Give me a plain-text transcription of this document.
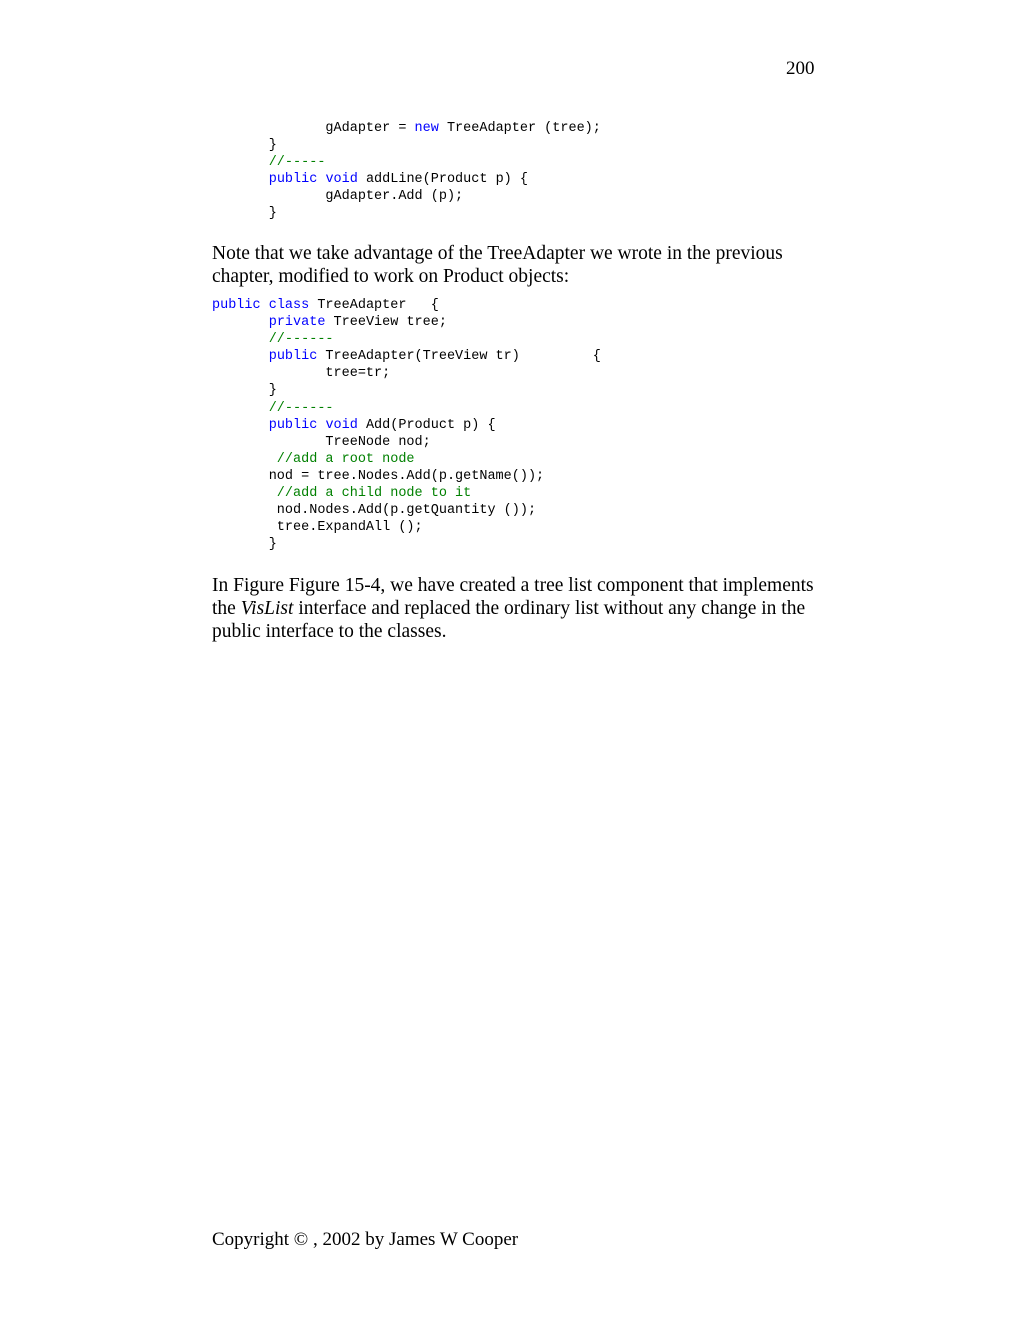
200
gAdapter = new TreeAdapter (tree);
}
//-----
public void addLine(Product p) {
gAdapter.Add (p);
}
Note that we take advantage of the TreeAdapter we wrote in the previous chapter, modified to work on Product objects:
public class TreeAdapter   {
private TreeView tree;
//------
public TreeAdapter(TreeView tr)         {
tree=tr;
}
//------
public void Add(Product p) {
TreeNode nod;
//add a root node
nod = tree.Nodes.Add(p.getName());
//add a child node to it
nod.Nodes.Add(p.getQuantity ());
tree.ExpandAll ();
}
In Figure Figure 15-4, we have created a tree list component that implements the VisList interface and replaced the ordinary list without any change in the public interface to the classes.
Copyright © , 2002 by James W Cooper
